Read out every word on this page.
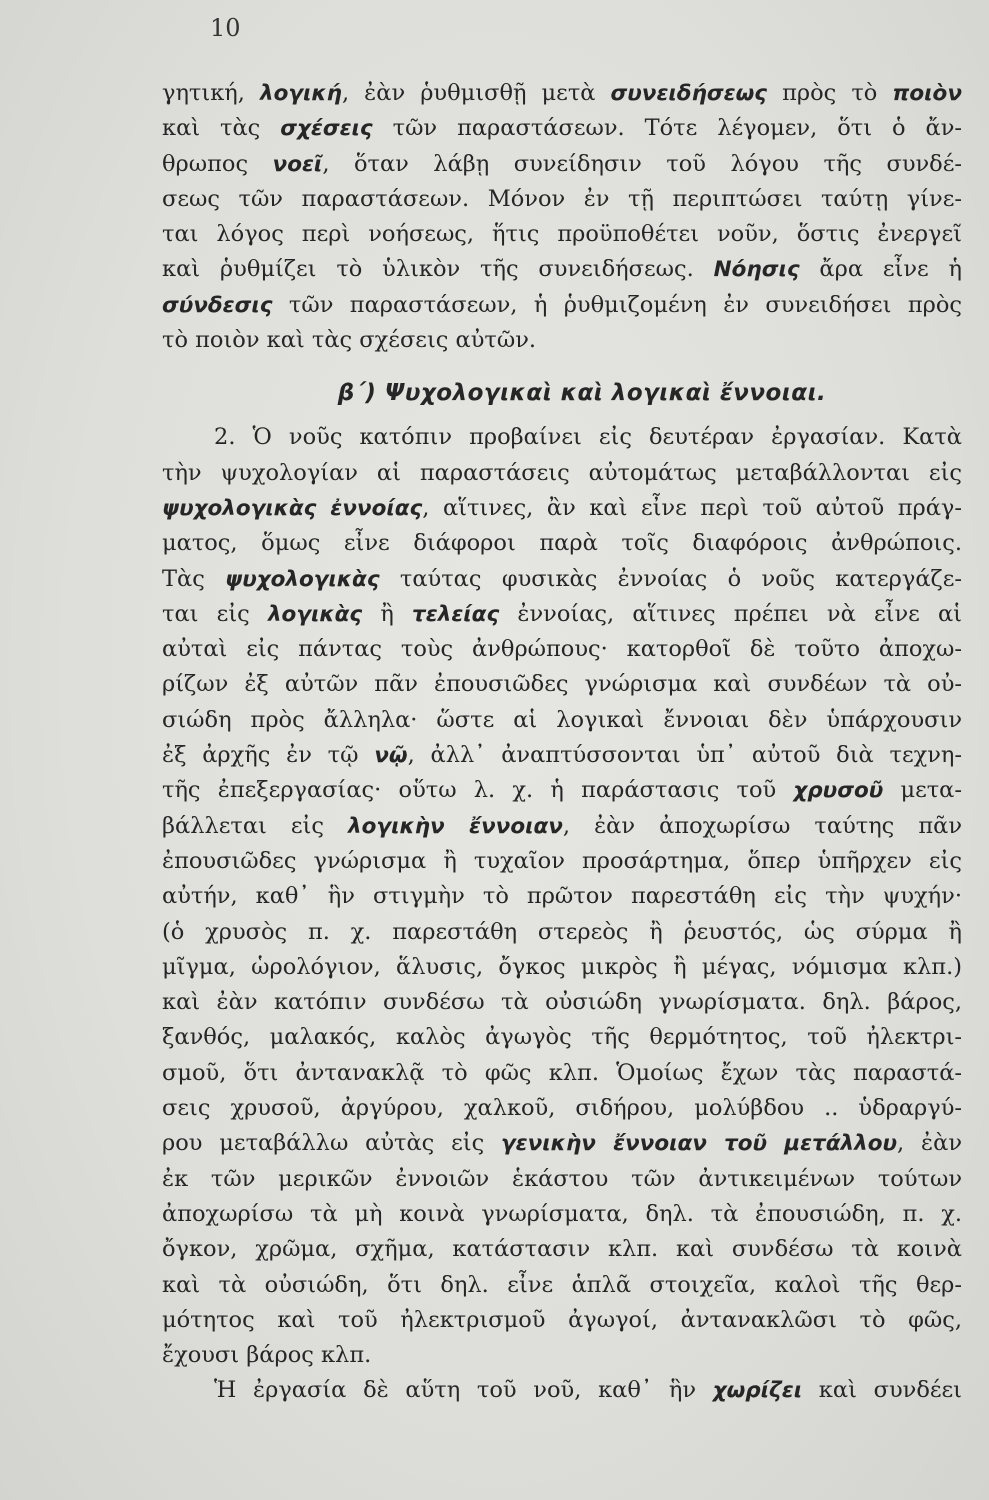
10
γητική, λογική, ἐὰν ῥυθμισθῇ μετὰ συνειδήσεως πρὸς τὸ ποιὸν
καὶ τὰς σχέσεις τῶν παραστάσεων. Τότε λέγομεν, ὅτι ὁ ἄν-
θρωπος νοεῖ, ὅταν λάβῃ συνείδησιν τοῦ λόγου τῆς συνδέ-
σεως τῶν παραστάσεων. Μόνον ἐν τῇ περιπτώσει ταύτῃ γίνε-
ται λόγος περὶ νοήσεως, ἥτις προϋποθέτει νοῦν, ὅστις ἐνεργεῖ
καὶ ῥυθμίζει τὸ ὑλικὸν τῆς συνειδήσεως. Νόησις ἄρα εἶνε ἡ
σύνδεσις τῶν παραστάσεων, ἡ ῥυθμιζομένη ἐν συνειδήσει πρὸς
τὸ ποιὸν καὶ τὰς σχέσεις αὐτῶν.
β΄) Ψυχολογικαὶ καὶ λογικαὶ ἔννοιαι.
2. Ὁ νοῦς κατόπιν προβαίνει εἰς δευτέραν ἐργασίαν. Κατὰ
τὴν ψυχολογίαν αἱ παραστάσεις αὐτομάτως μεταβάλλονται εἰς
ψυχολογικὰς ἐννοίας, αἵτινες, ἂν καὶ εἶνε περὶ τοῦ αὐτοῦ πράγ-
ματος, ὅμως εἶνε διάφοροι παρὰ τοῖς διαφόροις ἀνθρώποις.
Τὰς ψυχολογικὰς ταύτας φυσικὰς ἐννοίας ὁ νοῦς κατεργάζε-
ται εἰς λογικὰς ἢ τελείας ἐννοίας, αἵτινες πρέπει νὰ εἶνε αἱ
αὐταὶ εἰς πάντας τοὺς ἀνθρώπους· κατορθοῖ δὲ τοῦτο ἀποχω-
ρίζων ἐξ αὐτῶν πᾶν ἐπουσιῶδες γνώρισμα καὶ συνδέων τὰ οὐ-
σιώδη πρὸς ἄλληλα· ὥστε αἱ λογικαὶ ἔννοιαι δὲν ὑπάρχουσιν
ἐξ ἀρχῆς ἐν τῷ νῷ, ἀλλ᾽ ἀναπτύσσονται ὑπ᾽ αὐτοῦ διὰ τεχνη-
τῆς ἐπεξεργασίας· οὕτω λ. χ. ἡ παράστασις τοῦ χρυσοῦ μετα-
βάλλεται εἰς λογικὴν ἔννοιαν, ἐὰν ἀποχωρίσω ταύτης πᾶν
ἐπουσιῶδες γνώρισμα ἢ τυχαῖον προσάρτημα, ὅπερ ὑπῆρχεν εἰς
αὐτήν, καθ᾽ ἣν στιγμὴν τὸ πρῶτον παρεστάθη εἰς τὴν ψυχήν·
(ὁ χρυσὸς π. χ. παρεστάθη στερεὸς ἢ ῥευστός, ὡς σύρμα ἢ
μῖγμα, ὡρολόγιον, ἅλυσις, ὄγκος μικρὸς ἢ μέγας, νόμισμα κλπ.)
καὶ ἐὰν κατόπιν συνδέσω τὰ οὐσιώδη γνωρίσματα. δηλ. βάρος,
ξανθός, μαλακός, καλὸς ἀγωγὸς τῆς θερμότητος, τοῦ ἠλεκτρι-
σμοῦ, ὅτι ἀντανακλᾷ τὸ φῶς κλπ. Ὁμοίως ἔχων τὰς παραστά-
σεις χρυσοῦ, ἀργύρου, χαλκοῦ, σιδήρου, μολύβδου .. ὑδραργύ-
ρου μεταβάλλω αὐτὰς εἰς γενικὴν ἔννοιαν τοῦ μετάλλου, ἐὰν
ἐκ τῶν μερικῶν ἐννοιῶν ἑκάστου τῶν ἀντικειμένων τούτων
ἀποχωρίσω τὰ μὴ κοινὰ γνωρίσματα, δηλ. τὰ ἐπουσιώδη, π. χ.
ὄγκον, χρῶμα, σχῆμα, κατάστασιν κλπ. καὶ συνδέσω τὰ κοινὰ
καὶ τὰ οὐσιώδη, ὅτι δηλ. εἶνε ἁπλᾶ στοιχεῖα, καλοὶ τῆς θερ-
μότητος καὶ τοῦ ἠλεκτρισμοῦ ἀγωγοί, ἀντανακλῶσι τὸ φῶς,
ἔχουσι βάρος κλπ.
Ἡ ἐργασία δὲ αὕτη τοῦ νοῦ, καθ᾽ ἣν χωρίζει καὶ συνδέει
